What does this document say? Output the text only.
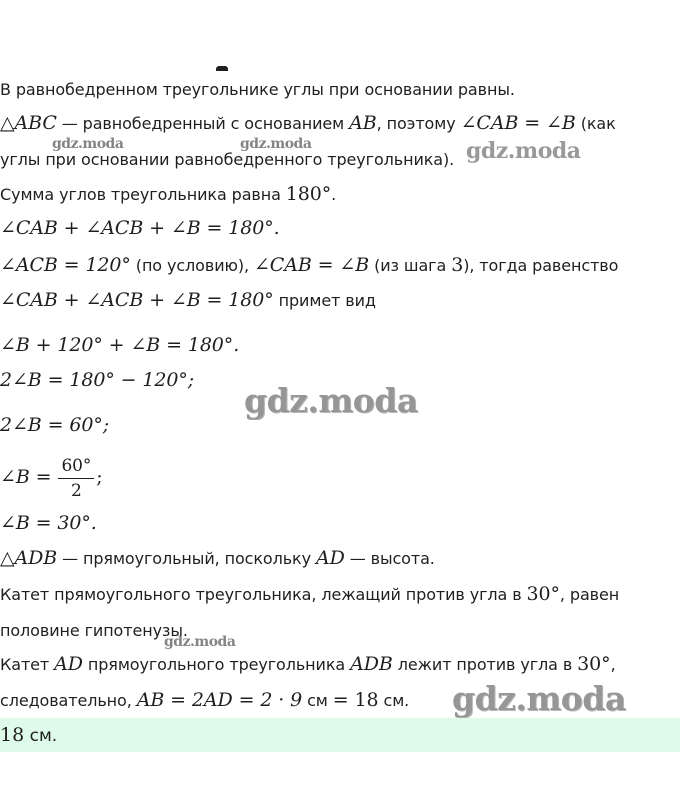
В равнобедренном треугольнике углы при основании равны.
△ABC — равнобедренный с основанием AB, поэтому ∠CAB = ∠B (как
углы при основании равнобедренного треугольника).
Сумма углов треугольника равна 180°.
∠CAB + ∠ACB + ∠B = 180°.
∠ACB = 120° (по условию), ∠CAB = ∠B (из шага 3), тогда равенство
∠CAB + ∠ACB + ∠B = 180° примет вид
∠B + 120° + ∠B = 180°.
2∠B = 180° − 120°;
2∠B = 60°;
∠B = $\frac{60^\circ}{2}$ ;
∠B = 30°.
△ADB — прямоугольный, поскольку AD — высота.
Катет прямоугольного треугольника, лежащий против угла в 30°, равен
половине гипотенузы.
Катет AD прямоугольного треугольника ADB лежит против угла в 30°,
следовательно, AB = 2AD = 2 · 9 см = 18 см.
18 см.
gdz.moda	gdz.moda	gdz.moda
gdz.moda
gdz.moda
gdz.moda
